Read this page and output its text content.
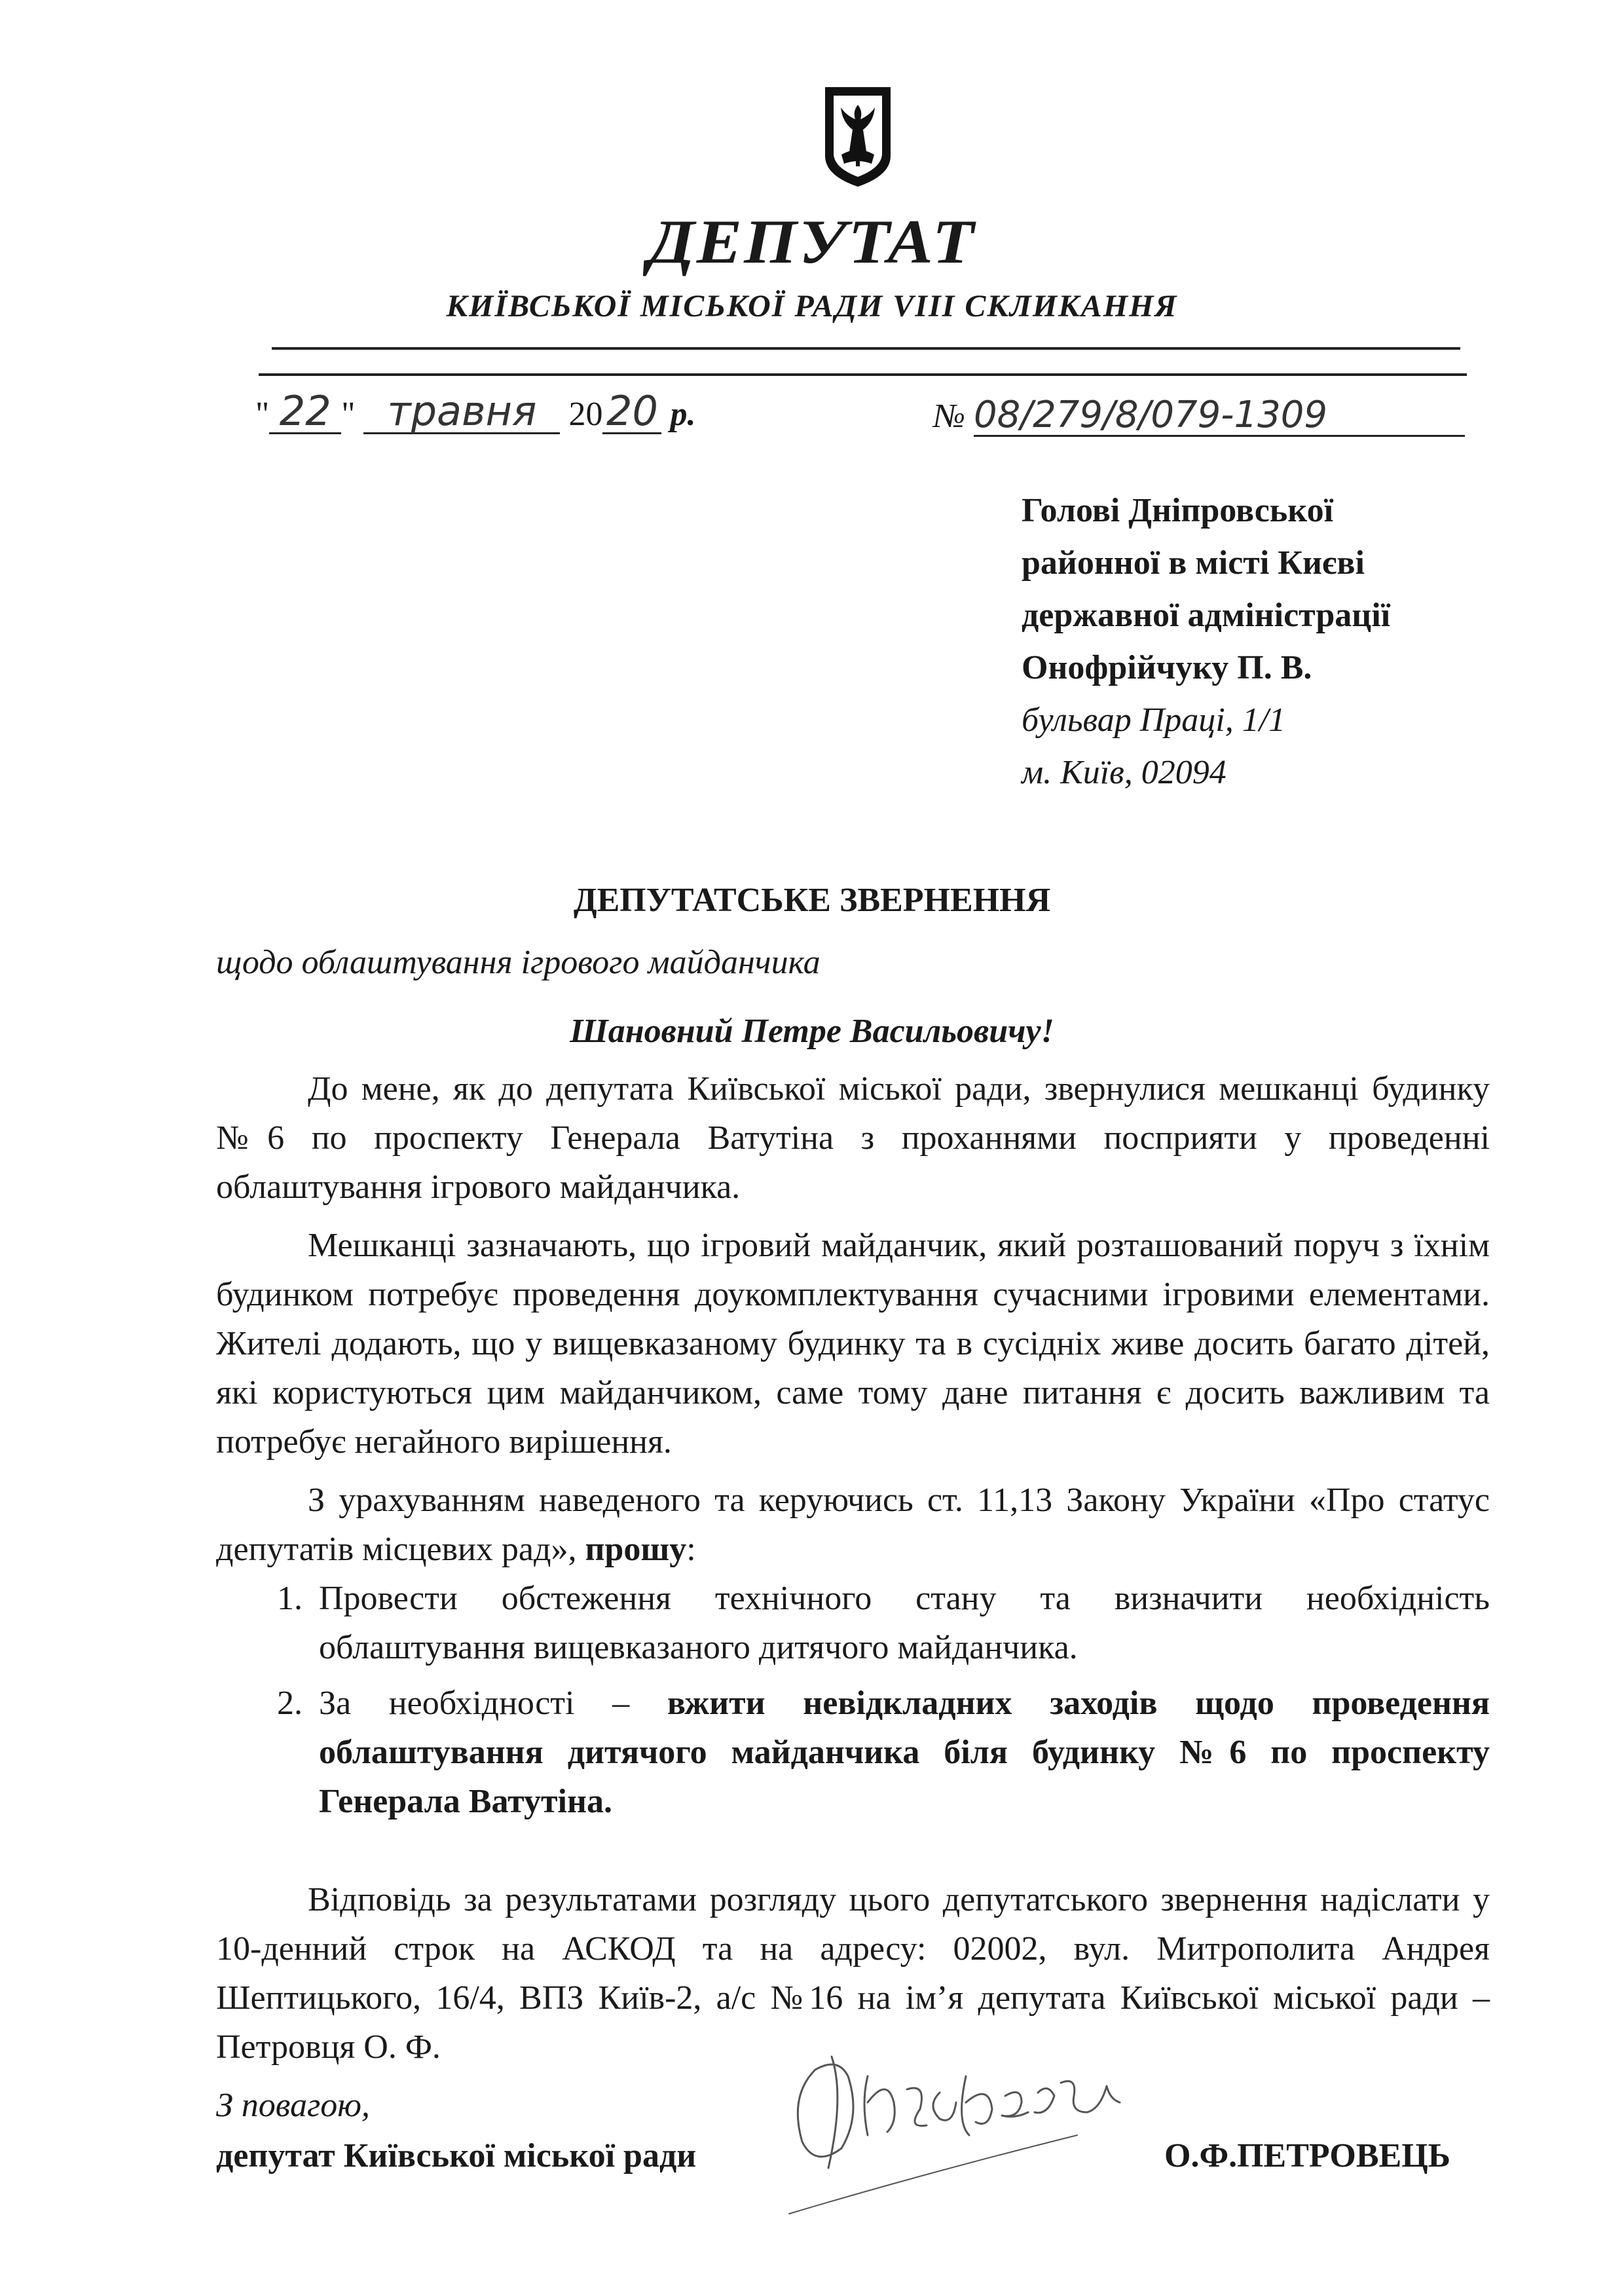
ДЕПУТАТ
КИЇВСЬКОЇ МІСЬКОЇ РАДИ VIII СКЛИКАННЯ
" 22 " травня 2020 р.	№ 08/279/8/079-1309
Голові Дніпровської
районної в місті Києві
державної адміністрації
Онофрійчуку П. В.
бульвар Праці, 1/1
м. Київ, 02094
ДЕПУТАТСЬКЕ ЗВЕРНЕННЯ
щодо облаштування ігрового майданчика
Шановний Петре Васильовичу!

До мене, як до депутата Київської міської ради, звернулися мешканці будинку №6 по проспекту Генерала Ватутіна з проханнями посприяти у проведенні облаштування ігрового майданчика.

Мешканці зазначають, що ігровий майданчик, який розташований поруч з їхнім будинком потребує проведення доукомплектування сучасними ігровими елементами. Жителі додають, що у вищевказаному будинку та в сусідніх живе досить багато дітей, які користуються цим майданчиком, саме тому дане питання є досить важливим та потребує негайного вирішення.

З урахуванням наведеного та керуючись ст. 11,13 Закону України «Про статус депутатів місцевих рад», прошу:

1. Провести обстеження технічного стану та визначити необхідність облаштування вищевказаного дитячого майданчика.
2. За необхідності – вжити невідкладних заходів щодо проведення облаштування дитячого майданчика біля будинку №6 по проспекту Генерала Ватутіна.

Відповідь за результатами розгляду цього депутатського звернення надіслати у 10-денний строк на АСКОД та на адресу: 02002, вул. Митрополита Андрея Шептицького, 16/4, ВПЗ Київ-2, а/с №16 на ім’я депутата Київської міської ради – Петровця О. Ф.

З повагою,
депутат Київської міської ради	О.Ф.ПЕТРОВЕЦЬ
